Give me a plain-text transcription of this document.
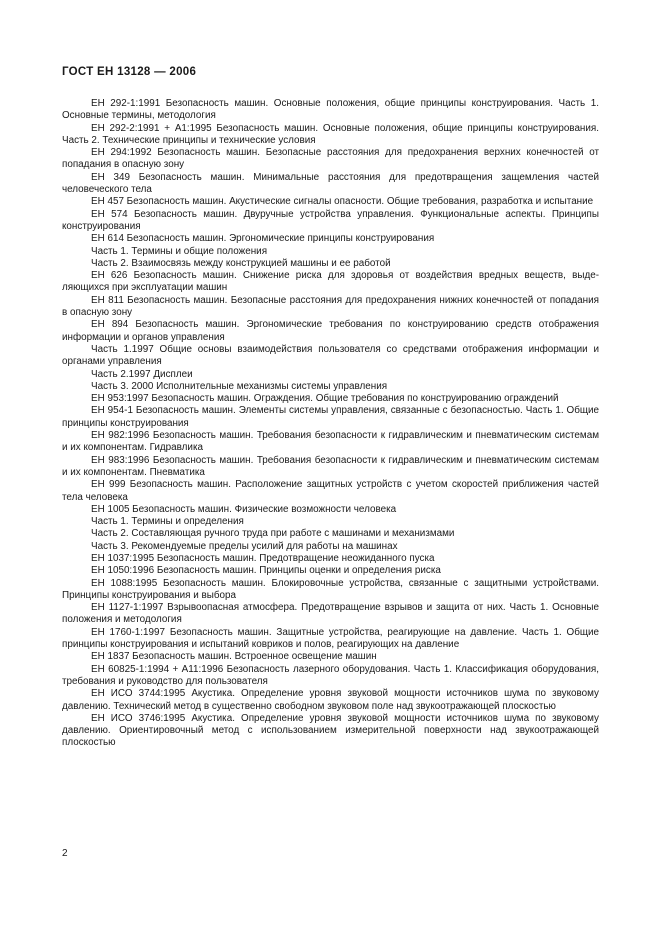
ГОСТ ЕН 13128 — 2006

ЕН 292-1:1991 Безопасность машин. Основные положения, общие принципы конструирования. Часть 1. Основные термины, методология

ЕН 292-2:1991 + A1:1995 Безопасность машин. Основные положения, общие принципы конструирования. Часть 2. Технические принципы и технические условия

ЕН 294:1992 Безопасность машин. Безопасные расстояния для предохранения верхних конечностей от попадания в опасную зону

ЕН 349 Безопасность машин. Минимальные расстояния для предотвращения защемления частей человеческого тела

ЕН 457 Безопасность машин. Акустические сигналы опасности. Общие требования, разработка и испытание

ЕН 574 Безопасность машин. Двуручные устройства управления. Функциональные аспекты. Принципы конструирования

ЕН 614 Безопасность машин. Эргономические принципы конструирования

Часть 1. Термины и общие положения

Часть 2. Взаимосвязь между конструкцией машины и ее работой

ЕН 626 Безопасность машин. Снижение риска для здоровья от воздействия вредных веществ, выделяющихся при эксплуатации машин

ЕН 811 Безопасность машин. Безопасные расстояния для предохранения нижних конечностей от попадания в опасную зону

ЕН 894 Безопасность машин. Эргономические требования по конструированию средств отображения информации и органов управления

Часть 1.1997 Общие основы взаимодействия пользователя со средствами отображения информации и органами управления

Часть 2.1997 Дисплеи

Часть 3. 2000 Исполнительные механизмы системы управления

ЕН 953:1997 Безопасность машин. Ограждения. Общие требования по конструированию ограждений

ЕН 954-1 Безопасность машин. Элементы системы управления, связанные с безопасностью. Часть 1. Общие принципы конструирования

ЕН 982:1996 Безопасность машин. Требования безопасности к гидравлическим и пневматическим системам и их компонентам. Гидравлика

ЕН 983:1996 Безопасность машин. Требования безопасности к гидравлическим и пневматическим системам и их компонентам. Пневматика

ЕН 999 Безопасность машин. Расположение защитных устройств с учетом скоростей приближения частей тела человека

ЕН 1005 Безопасность машин. Физические возможности человека

Часть 1. Термины и определения

Часть 2. Составляющая ручного труда при работе с машинами и механизмами

Часть 3. Рекомендуемые пределы усилий для работы на машинах

ЕН 1037:1995 Безопасность машин. Предотвращение неожиданного пуска

ЕН 1050:1996 Безопасность машин. Принципы оценки и определения риска

ЕН 1088:1995 Безопасность машин. Блокировочные устройства, связанные с защитными устройствами. Принципы конструирования и выбора

ЕН 1127-1:1997 Взрывоопасная атмосфера. Предотвращение взрывов и защита от них. Часть 1. Основные положения и методология

ЕН 1760-1:1997 Безопасность машин. Защитные устройства, реагирующие на давление. Часть 1. Общие принципы конструирования и испытаний ковриков и полов, реагирующих на давление

ЕН 1837 Безопасность машин. Встроенное освещение машин

ЕН 60825-1:1994 + A11:1996 Безопасность лазерного оборудования. Часть 1. Классификация оборудования, требования и руководство для пользователя

ЕН ИСО 3744:1995 Акустика. Определение уровня звуковой мощности источников шума по звуковому давлению. Технический метод в существенно свободном звуковом поле над звукоотражающей плоскостью

ЕН ИСО 3746:1995 Акустика. Определение уровня звуковой мощности источников шума по звуковому давлению. Ориентировочный метод с использованием измерительной поверхности над звукоотражающей плоскостью

2
